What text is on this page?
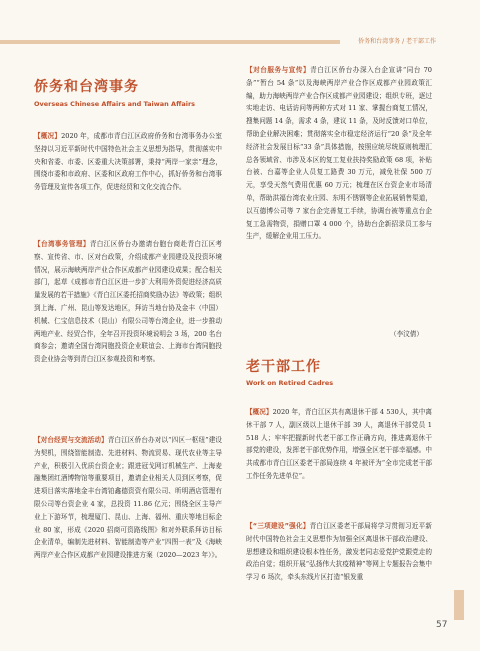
侨务和台湾事务 / 老干部工作
侨务和台湾事务
Overseas Chinese Affairs and Taiwan Affairs

【概况】2020 年，成都市青白江区政府侨务和台湾事务办公室坚持以习近平新时代中国特色社会主义思想为指导，贯彻落实中央和省委、市委、区委重大决策部署，秉持“两岸一家亲”理念，围绕市委和市政府、区委和区政府工作中心，抓好侨务和台湾事务管理及宣传各项工作，促进经贸和文化交流合作。

【台湾事务管理】青白江区侨台办邀请台胞台商赴青白江区考察、宣传省、市、区对台政策，介绍成都产业园建设及投资环境情况，展示海峡两岸产业合作区成都产业园建设成果；配合相关部门，起草《成都市青白江区进一步扩大利用外资促进经济高质量发展的若干措施》《青白江区委托招商奖励办法》等政策；组织到上海、广州、昆山等发达地区，拜访当地台协及金丰（中国）机械、仁宝信息技术（昆山）有限公司等台湾企业，进一步推动两地产业、经贸合作，全年召开投资环境说明会 3 场，200 名台商参会；邀请全国台湾同胞投资企业联谊会、上海市台湾同胞投资企业协会等到青白江区参观投资和考察。

【对台经贸与交流活动】青白江区侨台办对以“四区一枢纽”建设为契机，围绕智能制造、先进材料、物流贸易、现代农业等主导产业，积极引入优质台资企业；跟进冠戈网订机械生产、上海麦融集团红酒博物馆等重要项目，邀请企业相关人员到区考察，促进项目落实落地金丰台湾铂鑫德资资有限公司、昕明酒店管理有限公司等台资企业 4 家，总投资 11.86 亿元；围绕全区主导产业上下游环节，梳理厦门、昆山、上海、福州、重庆等地目标企业 80 家，形成《2020 招商可资路线图》和对外联系拜访目标企业清单，编制先进材料、智能制造等产业“四图一表”及《海峡两岸产业合作区成都产业园建设推进方案（2020—2023 年）》。

【对台服务与宣传】青白江区侨台办深入台企宣讲“同台 70 条”“暂台 54 条”以及海峡两岸产业合作区成都产业园政策汇编，助力海峡两岸产业合作区成都产业园建设；组织专班，逐过实地走访、电话访问等两种方式对 11 家、掌握台商复工情况，搜集问题 14 条，需求 4 条，建议 11 条，及时反馈对口单位，帮助企业解决困难；贯彻落实全市稳定经济运行“20 条”及全年经济社会发展目标“33 条”具体措施，按照应统尽统原则梳理汇总各领域省、市涉及本区的复工复业扶持奖励政策 68 项，补贴台被、台嘉等企业人员复工路费 30 万元，减免社保 500 万元，享受天然气费用优惠 60 万元；梳理在区台资企业市场清单，帮助洪福台湾农业庄园、东明不锈钢等企业拓展销售渠道，以互德博公司等 7 家台企完善复工手续，协调台被等重点台企复工急需物资，捐赠口罩 4 000 个，协助台企新招录员工参与生产，缓解企业用工压力。

（李汶倩）
老干部工作
Work on Retired Cadres

【概况】2020 年，青白江区共有离退休干部 4 530人，其中离休干部 7 人，副区级以上退休干部 39 人，离退休干部党员 1 518 人；牢牢把握新时代老干部工作正确方向，推进离退休干部党的建设，发挥老干部优势作用，增强全区老干部幸福感。中共成都市青白江区委老干部局连续 4 年被评为“全市完成老干部工作任务先进单位”。

【“三项建设”强化】青白江区委老干部局将学习贯彻习近平新时代中国特色社会主义思想作为加强全区离退休干部政治建设、思想建设和组织建设根本性任务，激发老同志爱党护党跟党走的政治自觉；组织开展“弘扬伟大抗疫精神”等网上专题报告会集中学习 6 场次，牵头东线片区打造“银发重

57
